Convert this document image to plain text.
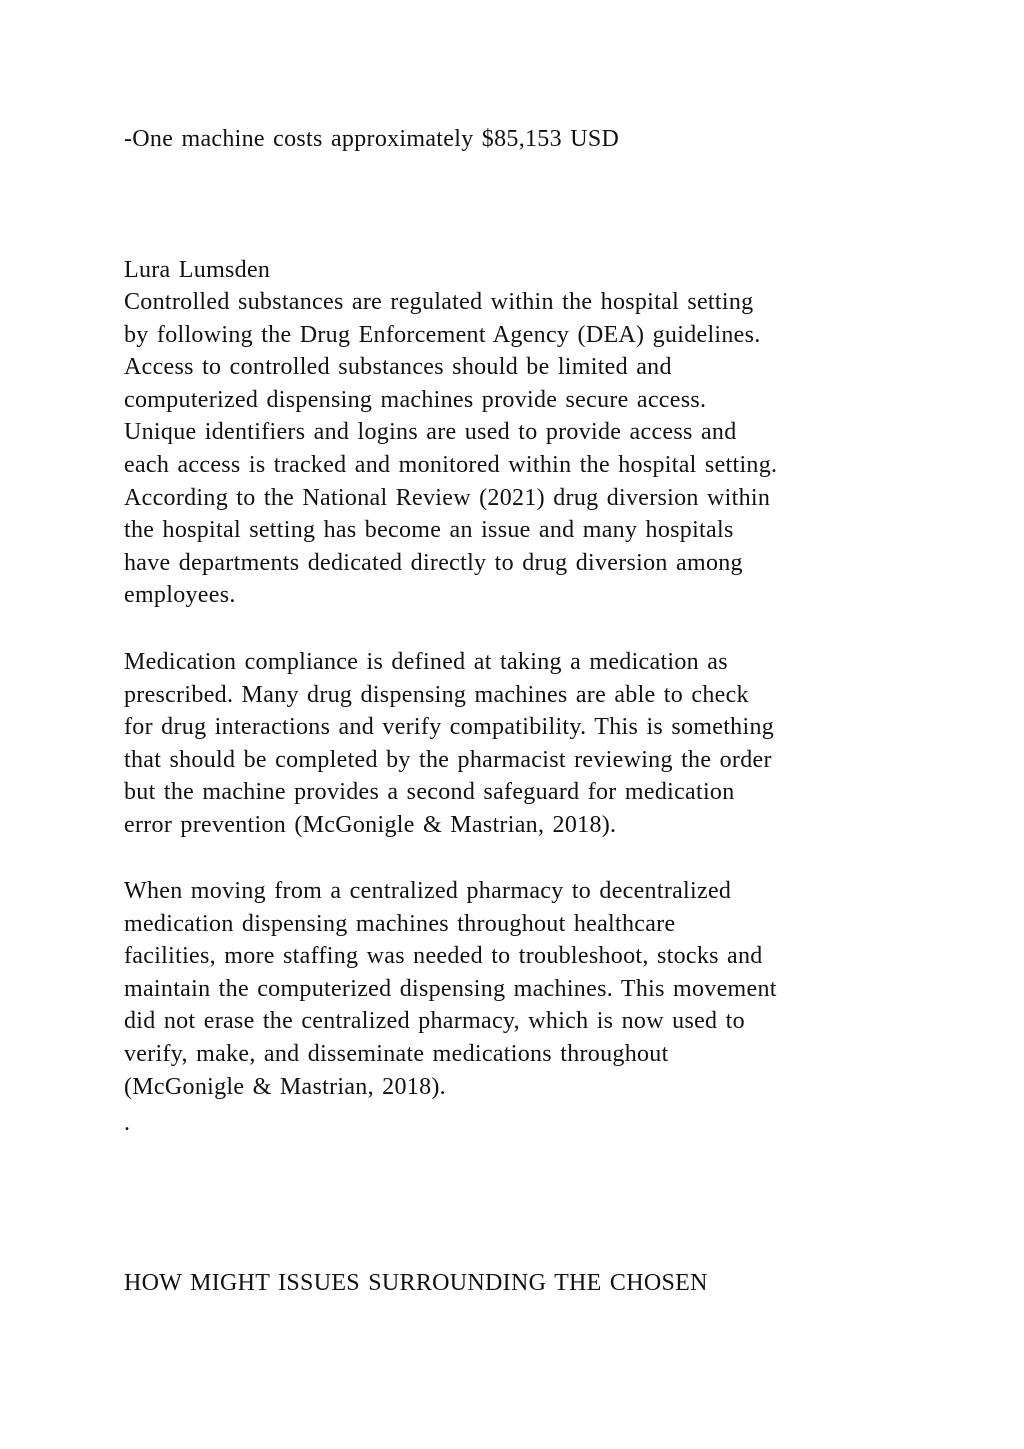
-One machine costs approximately $85,153 USD
Lura Lumsden
Controlled substances are regulated within the hospital setting
by following the Drug Enforcement Agency (DEA) guidelines.
Access to controlled substances should be limited and
computerized dispensing machines provide secure access.
Unique identifiers and logins are used to provide access and
each access is tracked and monitored within the hospital setting.
According to the National Review (2021) drug diversion within
the hospital setting has become an issue and many hospitals
have departments dedicated directly to drug diversion among
employees.
Medication compliance is defined at taking a medication as
prescribed. Many drug dispensing machines are able to check
for drug interactions and verify compatibility. This is something
that should be completed by the pharmacist reviewing the order
but the machine provides a second safeguard for medication
error prevention (McGonigle & Mastrian, 2018).
When moving from a centralized pharmacy to decentralized
medication dispensing machines throughout healthcare
facilities, more staffing was needed to troubleshoot, stocks and
maintain the computerized dispensing machines. This movement
did not erase the centralized pharmacy, which is now used to
verify, make, and disseminate medications throughout
(McGonigle & Mastrian, 2018).
.
HOW MIGHT ISSUES SURROUNDING THE CHOSEN
